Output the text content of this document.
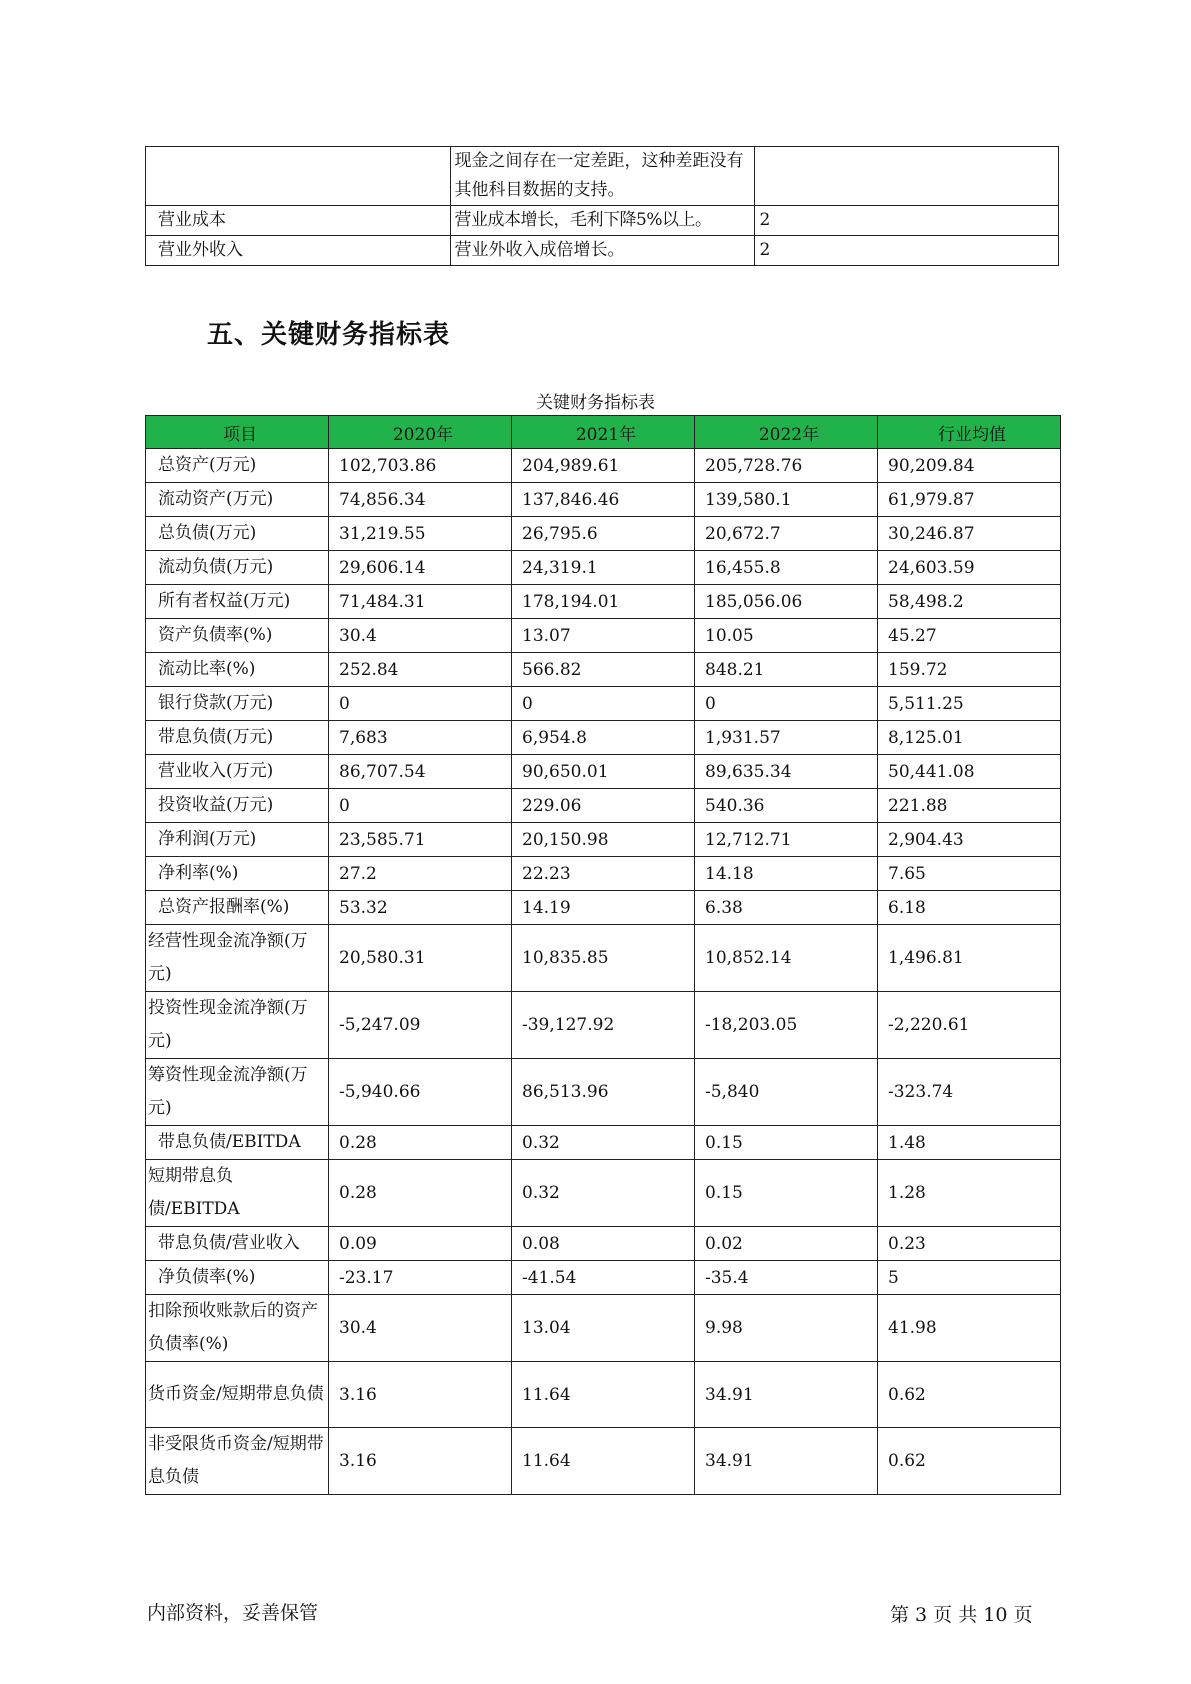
	现金之间存在一定差距，这种差距没有其他科目数据的支持。	
营业成本	营业成本增长，毛利下降5%以上。	2
营业外收入	营业外收入成倍增长。	2
五、关键财务指标表
关键财务指标表
项目	2020年	2021年	2022年	行业均值
总资产(万元)	102,703.86	204,989.61	205,728.76	90,209.84
流动资产(万元)	74,856.34	137,846.46	139,580.1	61,979.87
总负债(万元)	31,219.55	26,795.6	20,672.7	30,246.87
流动负债(万元)	29,606.14	24,319.1	16,455.8	24,603.59
所有者权益(万元)	71,484.31	178,194.01	185,056.06	58,498.2
资产负债率(%)	30.4	13.07	10.05	45.27
流动比率(%)	252.84	566.82	848.21	159.72
银行贷款(万元)	0	0	0	5,511.25
带息负债(万元)	7,683	6,954.8	1,931.57	8,125.01
营业收入(万元)	86,707.54	90,650.01	89,635.34	50,441.08
投资收益(万元)	0	229.06	540.36	221.88
净利润(万元)	23,585.71	20,150.98	12,712.71	2,904.43
净利率(%)	27.2	22.23	14.18	7.65
总资产报酬率(%)	53.32	14.19	6.38	6.18
经营性现金流净额(万元)	20,580.31	10,835.85	10,852.14	1,496.81
投资性现金流净额(万元)	-5,247.09	-39,127.92	-18,203.05	-2,220.61
筹资性现金流净额(万元)	-5,940.66	86,513.96	-5,840	-323.74
带息负债/EBITDA	0.28	0.32	0.15	1.48
短期带息负债/EBITDA	0.28	0.32	0.15	1.28
带息负债/营业收入	0.09	0.08	0.02	0.23
净负债率(%)	-23.17	-41.54	-35.4	5
扣除预收账款后的资产负债率(%)	30.4	13.04	9.98	41.98
货币资金/短期带息负债	3.16	11.64	34.91	0.62
非受限货币资金/短期带息负债	3.16	11.64	34.91	0.62
内部资料，妥善保管	第 3 页 共 10 页
